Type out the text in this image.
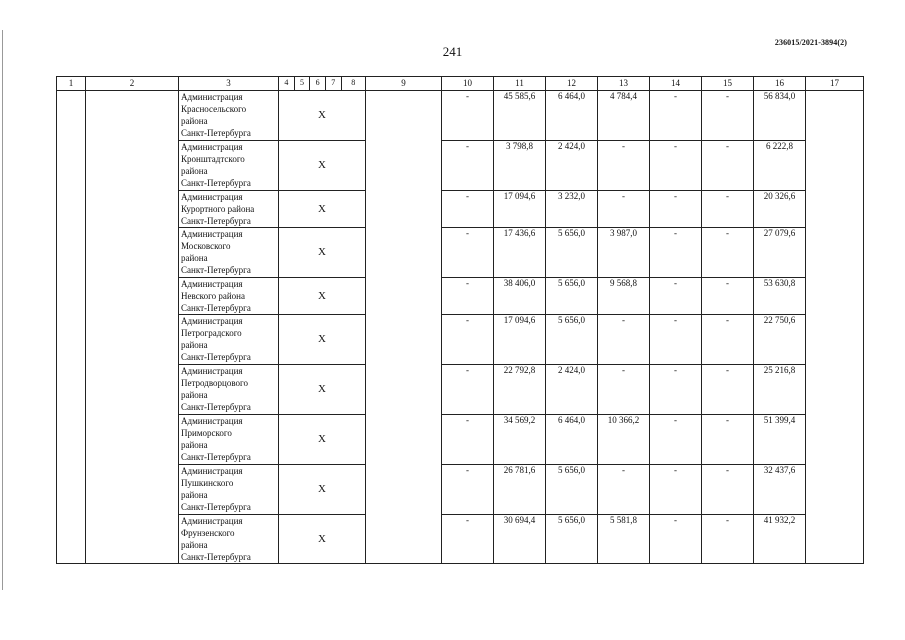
241
236015/2021-3894(2)
1	2	3	4 5 6 7 8	9	10	11	12	13	14	15	16	17

		Администрация
Красносельского
района
Санкт-Петербурга	Х		-	45 585,6	6 464,0	4 784,4	-	-	56 834,0	

		Администрация
Кронштадтского
района
Санкт-Петербурга	Х		-	3 798,8	2 424,0	-	-	-	6 222,8	

		Администрация
Курортного района
Санкт-Петербурга	Х		-	17 094,6	3 232,0	-	-	-	20 326,6	

		Администрация
Московского
района
Санкт-Петербурга	Х		-	17 436,6	5 656,0	3 987,0	-	-	27 079,6	

		Администрация
Невского района
Санкт-Петербурга	Х		-	38 406,0	5 656,0	9 568,8	-	-	53 630,8	

		Администрация
Петроградского
района
Санкт-Петербурга	Х		-	17 094,6	5 656,0	-	-	-	22 750,6	

		Администрация
Петродворцового
района
Санкт-Петербурга	Х		-	22 792,8	2 424,0	-	-	-	25 216,8	

		Администрация
Приморского
района
Санкт-Петербурга	Х		-	34 569,2	6 464,0	10 366,2	-	-	51 399,4	

		Администрация
Пушкинского
района
Санкт-Петербурга	Х		-	26 781,6	5 656,0	-	-	-	32 437,6	

		Администрация
Фрунзенского
района
Санкт-Петербурга	Х		-	30 694,4	5 656,0	5 581,8	-	-	41 932,2	
